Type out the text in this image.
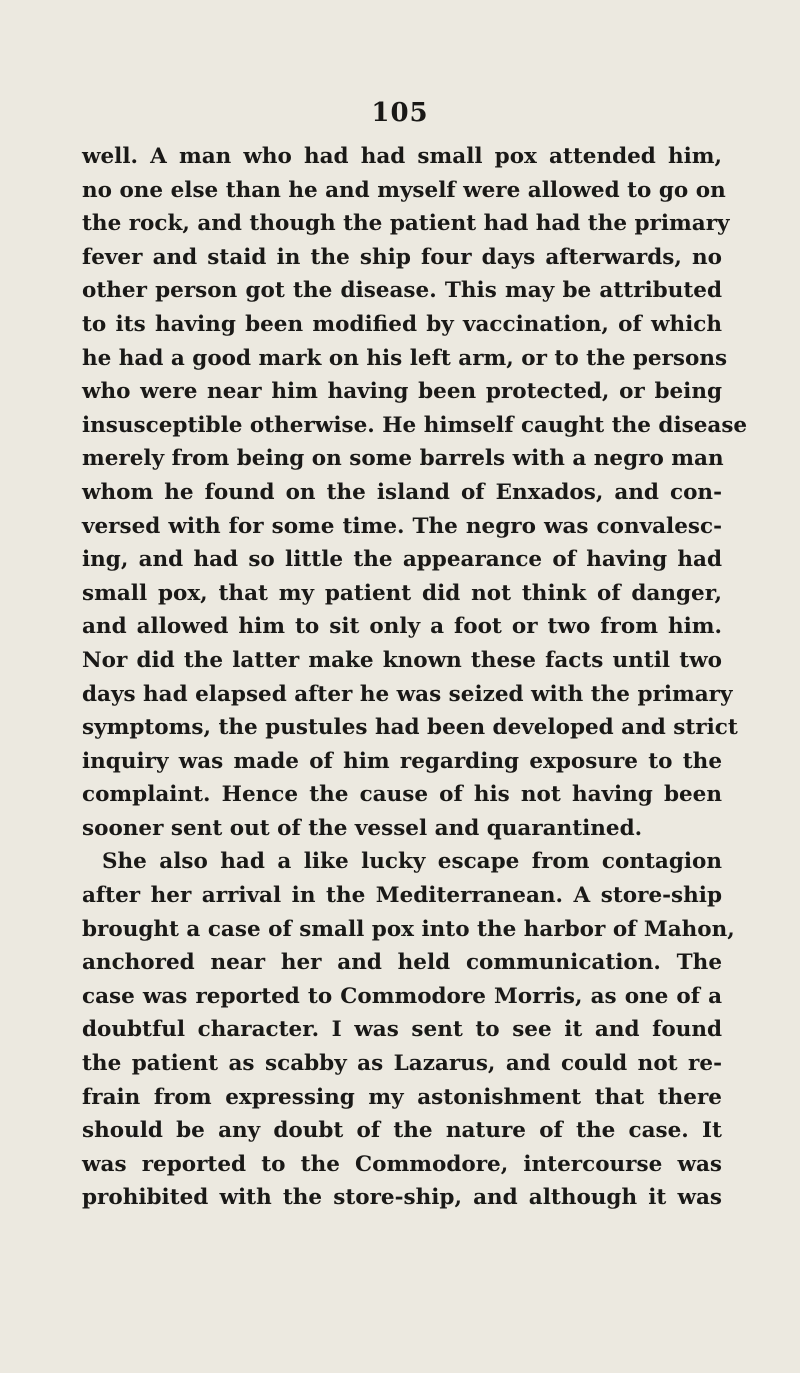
105
well. A man who had had small pox attended him,
no one else than he and myself were allowed to go on
the rock, and though the patient had had the primary
fever and staid in the ship four days afterwards, no
other person got the disease. This may be attributed
to its having been modified by vaccination, of which
he had a good mark on his left arm, or to the persons
who were near him having been protected, or being
insusceptible otherwise. He himself caught the disease
merely from being on some barrels with a negro man
whom he found on the island of Enxados, and con-
versed with for some time. The negro was convalesc-
ing, and had so little the appearance of having had
small pox, that my patient did not think of danger,
and allowed him to sit only a foot or two from him.
Nor did the latter make known these facts until two
days had elapsed after he was seized with the primary
symptoms, the pustules had been developed and strict
inquiry was made of him regarding exposure to the
complaint. Hence the cause of his not having been
sooner sent out of the vessel and quarantined.
She also had a like lucky escape from contagion
after her arrival in the Mediterranean. A store-ship
brought a case of small pox into the harbor of Mahon,
anchored near her and held communication. The
case was reported to Commodore Morris, as one of a
doubtful character. I was sent to see it and found
the patient as scabby as Lazarus, and could not re-
frain from expressing my astonishment that there
should be any doubt of the nature of the case. It
was reported to the Commodore, intercourse was
prohibited with the store-ship, and although it was
